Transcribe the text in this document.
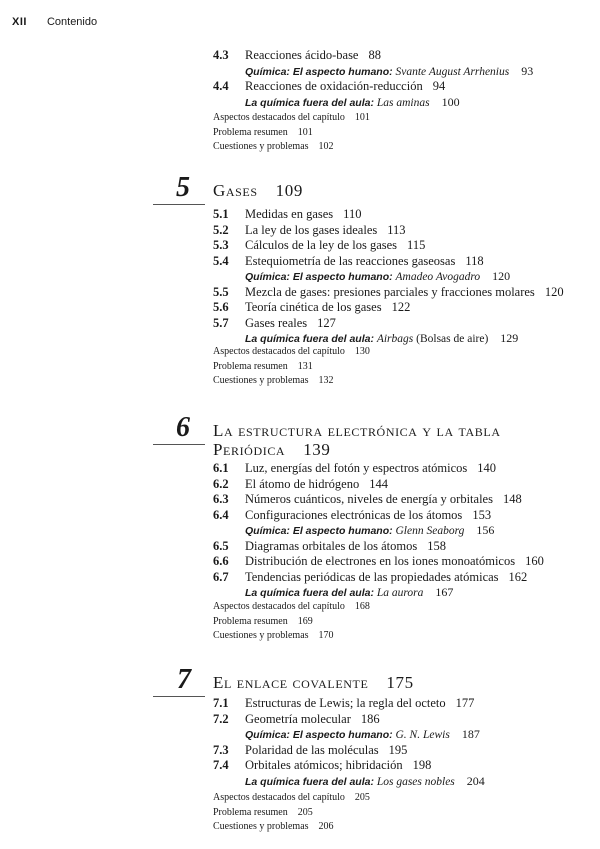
XII Contenido
4.3 Reacciones ácido-base 88
Química: El aspecto humano: Svante August Arrhenius 93
4.4 Reacciones de oxidación-reducción 94
La química fuera del aula: Las aminas 100
Aspectos destacados del capítulo 101
Problema resumen 101
Cuestiones y problemas 102
5 Gases 109
5.1 Medidas en gases 110
5.2 La ley de los gases ideales 113
5.3 Cálculos de la ley de los gases 115
5.4 Estequiometría de las reacciones gaseosas 118
Química: El aspecto humano: Amadeo Avogadro 120
5.5 Mezcla de gases: presiones parciales y fracciones molares 120
5.6 Teoría cinética de los gases 122
5.7 Gases reales 127
La química fuera del aula: Airbags (Bolsas de aire) 129
Aspectos destacados del capítulo 130
Problema resumen 131
Cuestiones y problemas 132
6 La estructura electrónica y la tabla
Periódica 139
6.1 Luz, energías del fotón y espectros atómicos 140
6.2 El átomo de hidrógeno 144
6.3 Números cuánticos, niveles de energía y orbitales 148
6.4 Configuraciones electrónicas de los átomos 153
Química: El aspecto humano: Glenn Seaborg 156
6.5 Diagramas orbitales de los átomos 158
6.6 Distribución de electrones en los iones monoatómicos 160
6.7 Tendencias periódicas de las propiedades atómicas 162
La química fuera del aula: La aurora 167
Aspectos destacados del capítulo 168
Problema resumen 169
Cuestiones y problemas 170
7 El enlace covalente 175
7.1 Estructuras de Lewis; la regla del octeto 177
7.2 Geometría molecular 186
Química: El aspecto humano: G. N. Lewis 187
7.3 Polaridad de las moléculas 195
7.4 Orbitales atómicos; hibridación 198
La química fuera del aula: Los gases nobles 204
Aspectos destacados del capítulo 205
Problema resumen 205
Cuestiones y problemas 206
